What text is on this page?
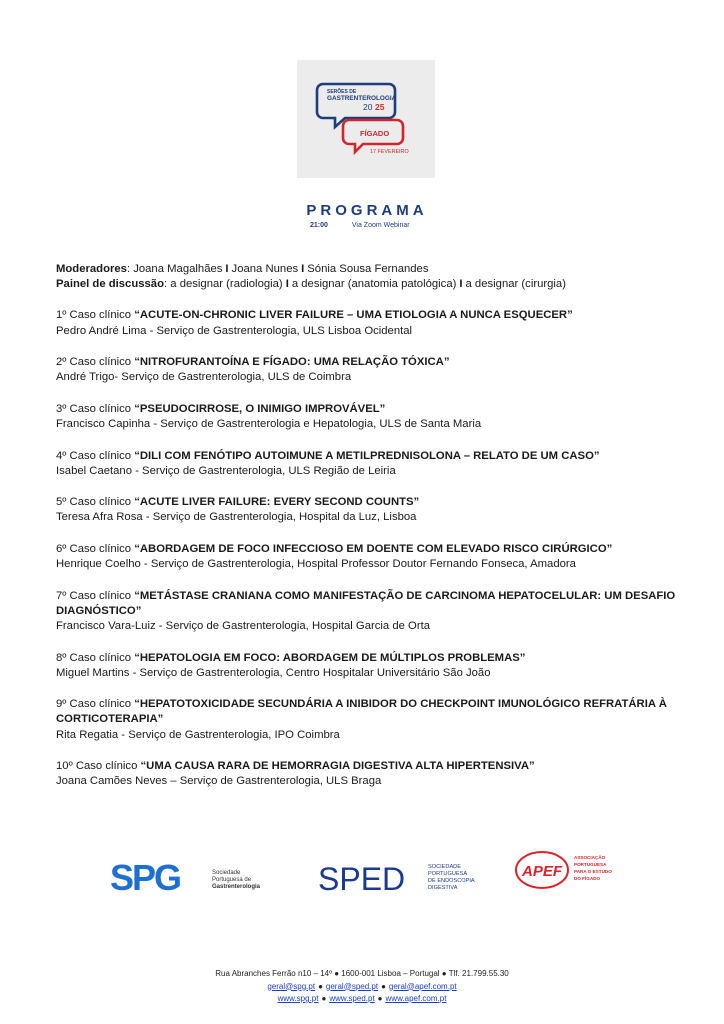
SERÕES DE
GASTRENTEROLOGIA
20 25
FÍGADO
17 FEVEREIRO
PROGRAMA
21:00	Via Zoom Webinar
Moderadores: Joana Magalhães I Joana Nunes I Sónia Sousa Fernandes
Painel de discussão: a designar (radiologia) I a designar (anatomia patológica) I a designar (cirurgia)
1º Caso clínico “ACUTE-ON-CHRONIC LIVER FAILURE – UMA ETIOLOGIA A NUNCA ESQUECER”
Pedro André Lima - Serviço de Gastrenterologia, ULS Lisboa Ocidental
2º Caso clínico “NITROFURANTOÍNA E FÍGADO: UMA RELAÇÃO TÓXICA”
André Trigo- Serviço de Gastrenterologia, ULS de Coimbra
3º Caso clínico “PSEUDOCIRROSE, O INIMIGO IMPROVÁVEL”
Francisco Capinha - Serviço de Gastrenterologia e Hepatologia, ULS de Santa Maria
4º Caso clínico “DILI COM FENÓTIPO AUTOIMUNE A METILPREDNISOLONA – RELATO DE UM CASO”
Isabel Caetano - Serviço de Gastrenterologia, ULS Região de Leiria
5º Caso clínico “ACUTE LIVER FAILURE: EVERY SECOND COUNTS”
Teresa Afra Rosa - Serviço de Gastrenterologia, Hospital da Luz, Lisboa
6º Caso clínico “ABORDAGEM DE FOCO INFECCIOSO EM DOENTE COM ELEVADO RISCO CIRÚRGICO”
Henrique Coelho - Serviço de Gastrenterologia, Hospital Professor Doutor Fernando Fonseca, Amadora
7º Caso clínico “METÁSTASE CRANIANA COMO MANIFESTAÇÃO DE CARCINOMA HEPATOCELULAR: UM DESAFIO DIAGNÓSTICO”
Francisco Vara-Luiz - Serviço de Gastrenterologia, Hospital Garcia de Orta
8º Caso clínico “HEPATOLOGIA EM FOCO: ABORDAGEM DE MÚLTIPLOS PROBLEMAS”
Miguel Martins - Serviço de Gastrenterologia, Centro Hospitalar Universitário São João
9º Caso clínico “HEPATOTOXICIDADE SECUNDÁRIA A INIBIDOR DO CHECKPOINT IMUNOLÓGICO REFRATÁRIA À CORTICOTERAPIA”
Rita Regatia - Serviço de Gastrenterologia, IPO Coimbra
10º Caso clínico “UMA CAUSA RARA DE HEMORRAGIA DIGESTIVA ALTA HIPERTENSIVA”
Joana Camões Neves – Serviço de Gastrenterologia, ULS Braga
SPG	Sociedade
Portuguesa de
Gastrenterologia SPED	SOCIEDADE
PORTUGUESA
DE ENDOSCOPIA
DIGESTIVA
APEF
ASSOCIAÇÃO
PORTUGUESA
PARA O ESTUDO
DO FÍGADO
Rua Abranches Ferrão n10 – 14º ● 1600-001 Lisboa – Portugal ● Tlf. 21.799.55.30
geral@spg.pt ● geral@sped.pt ● geral@apef.com.pt
www.spg.pt ● www.sped.pt ● www.apef.com.pt
